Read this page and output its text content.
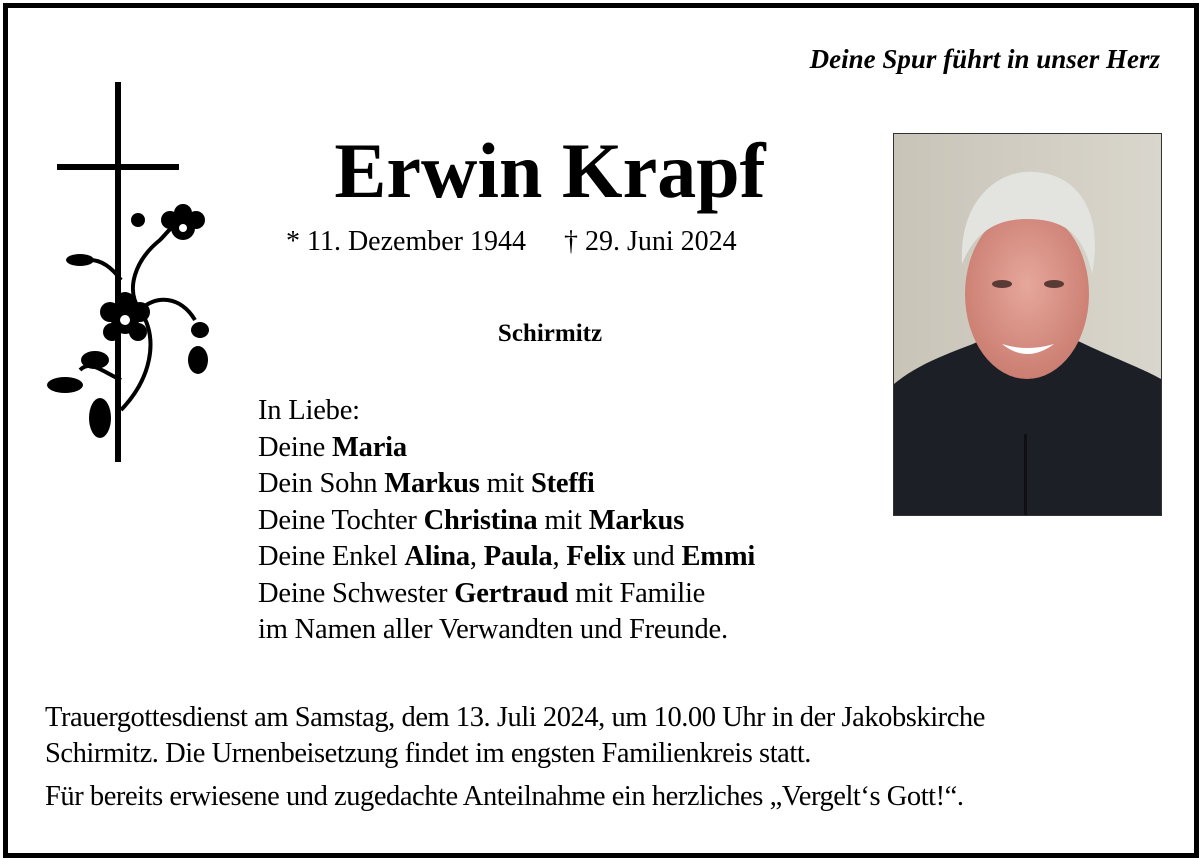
Deine Spur führt in unser Herz
Erwin Krapf
* 11. Dezember 1944 † 29. Juni 2024
Schirmitz
In Liebe:
Deine Maria
Dein Sohn Markus mit Steffi
Deine Tochter Christina mit Markus
Deine Enkel Alina, Paula, Felix und Emmi
Deine Schwester Gertraud mit Familie
im Namen aller Verwandten und Freunde.
Trauergottesdienst am Samstag, dem 13. Juli 2024, um 10.00 Uhr in der Jakobskirche
Schirmitz. Die Urnenbeisetzung findet im engsten Familienkreis statt.
Für bereits erwiesene und zugedachte Anteilnahme ein herzliches „Vergelt‘s Gott!“.
